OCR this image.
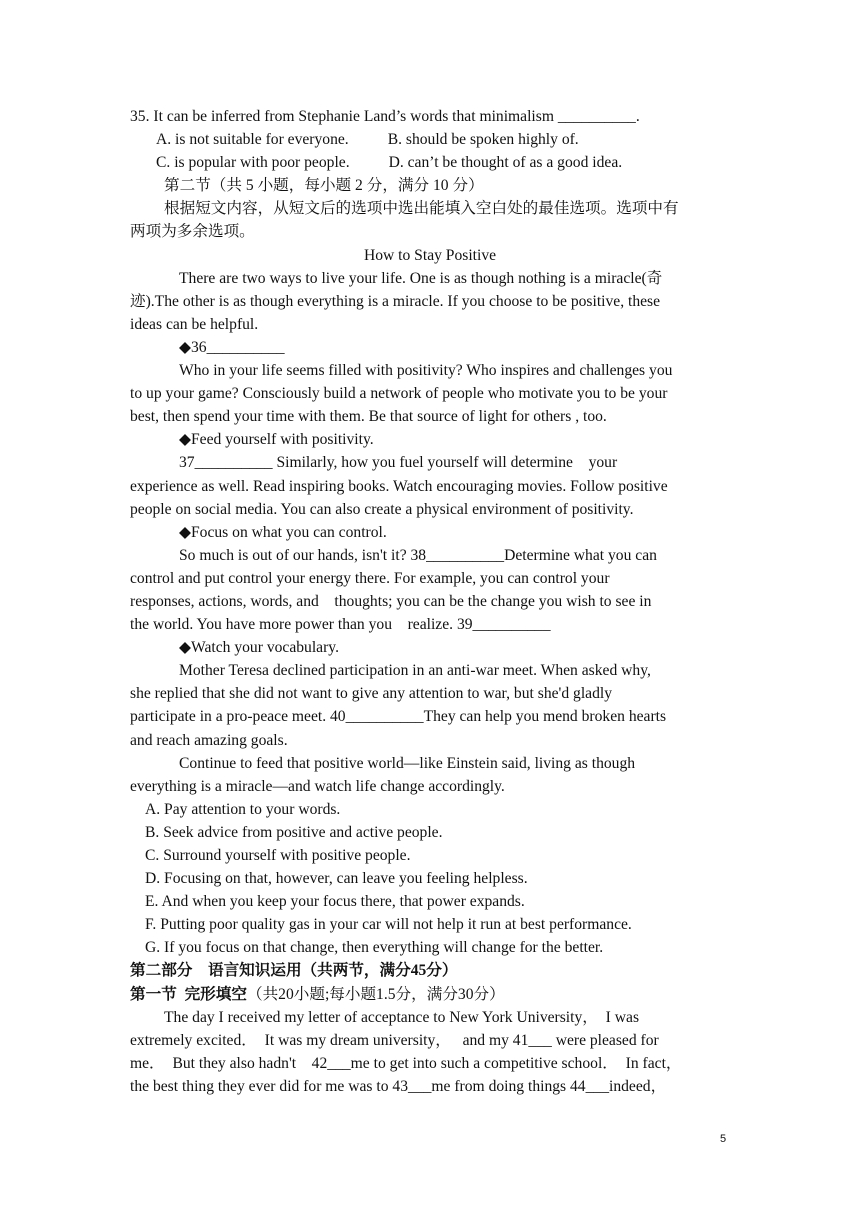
35. It can be inferred from Stephanie Land’s words that minimalism __________.

A. is not suitable for everyone.          B. should be spoken highly of.

C. is popular with poor people.          D. can’t be thought of as a good idea.

第二节（共 5 小题，每小题 2 分，满分 10 分）

根据短文内容，从短文后的选项中选出能填入空白处的最佳选项。选项中有

两项为多余选项。

How to Stay Positive

There are two ways to live your life. One is as though nothing is a miracle(奇

迹).The other is as though everything is a miracle. If you choose to be positive, these

ideas can be helpful.

◆36__________

Who in your life seems filled with positivity? Who inspires and challenges you

to up your game? Consciously build a network of people who motivate you to be your

best, then spend your time with them. Be that source of light for others , too.

◆Feed yourself with positivity.

37__________ Similarly, how you fuel yourself will determine    your

experience as well. Read inspiring books. Watch encouraging movies. Follow positive

people on social media. You can also create a physical environment of positivity.

◆Focus on what you can control.

So much is out of our hands, isn't it? 38__________Determine what you can

control and put control your energy there. For example, you can control your

responses, actions, words, and    thoughts; you can be the change you wish to see in

the world. You have more power than you    realize. 39__________

◆Watch your vocabulary.

Mother Teresa declined participation in an anti-war meet. When asked why,

she replied that she did not want to give any attention to war, but she'd gladly

participate in a pro-peace meet. 40__________They can help you mend broken hearts

and reach amazing goals.

Continue to feed that positive world—like Einstein said, living as though

everything is a miracle—and watch life change accordingly.

A. Pay attention to your words.

B. Seek advice from positive and active people.

C. Surround yourself with positive people.

D. Focusing on that, however, can leave you feeling helpless.

E. And when you keep your focus there, that power expands.

F. Putting poor quality gas in your car will not help it run at best performance.

G. If you focus on that change, then everything will change for the better.

第二部分    语言知识运用（共两节，满分45分）

第一节  完形填空（共20小题;每小题1.5分，满分30分）

The day I received my letter of acceptance to New York University，  I was

extremely excited．  It was my dream university，   and my 41___ were pleased for

me．  But they also hadn't    42___me to get into such a competitive school．  In fact，

the best thing they ever did for me was to 43___me from doing things 44___indeed，

5
